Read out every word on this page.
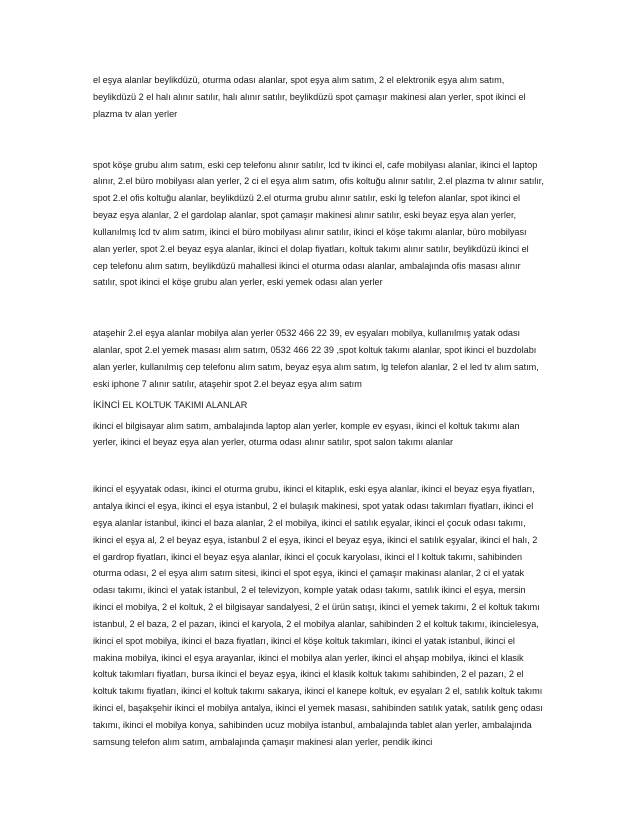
el eşya alanlar beylikdüzü, oturma odası alanlar, spot eşya alım satım, 2 el elektronik eşya alım satım, beylikdüzü 2 el halı alınır satılır, halı alınır satılır, beylikdüzü spot çamaşır makinesi alan yerler, spot ikinci el plazma tv alan yerler

spot köşe grubu alım satım, eski cep telefonu alınır satılır, lcd tv ikinci el, cafe mobilyası alanlar, ikinci el laptop alınır, 2.el büro mobilyası alan yerler, 2 ci el eşya alım satım, ofis koltuğu alınır satılır, 2.el plazma tv alınır satılır, spot 2.el ofis koltuğu alanlar, beylikdüzü 2.el oturma grubu alınır satılır, eski lg telefon alanlar, spot ikinci el beyaz eşya alanlar, 2 el gardolap alanlar, spot çamaşır makinesi alınır satılır, eski beyaz eşya alan yerler, kullanılmış lcd tv alım satım, ikinci el büro mobilyası alınır satılır, ikinci el köşe takımı alanlar, büro mobilyası alan yerler, spot 2.el beyaz eşya alanlar, ikinci el dolap fiyatları, koltuk takımı alınır satılır, beylikdüzü ikinci el cep telefonu alım satım, beylikdüzü mahallesi ikinci el oturma odası alanlar, ambalajında ofis masası alınır satılır, spot ikinci el köşe grubu alan yerler, eski yemek odası alan yerler

ataşehir 2.el eşya alanlar mobilya alan yerler 0532 466 22 39, ev eşyaları mobilya, kullanılmış yatak odası alanlar, spot 2.el yemek masası alım satım, 0532 466 22 39 ,spot koltuk takımı alanlar, spot ikinci el buzdolabı alan yerler, kullanılmış cep telefonu alım satım, beyaz eşya alım satım, lg telefon alanlar, 2 el led tv alım satım, eski iphone 7 alınır satılır, ataşehir spot 2.el beyaz eşya alım satım

İKİNCİ EL KOLTUK TAKIMI ALANLAR

ikinci el bilgisayar alım satım, ambalajında laptop alan yerler, komple ev eşyası, ikinci el koltuk takımı alan yerler, ikinci el beyaz eşya alan yerler, oturma odası alınır satılır, spot salon takımı alanlar

ikinci el eşyyatak odası, ikinci el oturma grubu, ikinci el kitaplık, eski eşya alanlar, ikinci el beyaz eşya fiyatları, antalya ikinci el eşya, ikinci el eşya istanbul, 2 el bulaşık makinesi, spot yatak odası takımları fiyatları, ikinci el eşya alanlar istanbul, ikinci el baza alanlar, 2 el mobilya, ikinci el satılık eşyalar, ikinci el çocuk odası takımı, ikinci el eşya al, 2 el beyaz eşya, istanbul 2 el eşya, ikinci el beyaz eşya, ikinci el satılık eşyalar, ikinci el halı, 2 el gardrop fiyatları, ikinci el beyaz eşya alanlar, ikinci el çocuk karyolası, ikinci el l koltuk takımı, sahibinden oturma odası, 2 el eşya alım satım sitesi, ikinci el spot eşya, ikinci el çamaşır makinası alanlar, 2 ci el yatak odası takımı, ikinci el yatak istanbul, 2 el televizyon, komple yatak odası takımı, satılık ikinci el eşya, mersin ikinci el mobilya, 2 el koltuk, 2 el bilgisayar sandalyesi, 2 el ürün satışı, ikinci el yemek takımı, 2 el koltuk takımı istanbul, 2 el baza, 2 el pazarı, ikinci el karyola, 2 el mobilya alanlar, sahibinden 2 el koltuk takımı, ikincielesya, ikinci el spot mobilya, ikinci el baza fiyatları, ikinci el köşe koltuk takımları, ikinci el yatak istanbul, ikinci el makina mobilya, ikinci el eşya arayanlar, ikinci el mobilya alan yerler, ikinci el ahşap mobilya, ikinci el klasik koltuk takımları fiyatları, bursa ikinci el beyaz eşya, ikinci el klasik koltuk takımı sahibinden, 2 el pazarı, 2 el koltuk takımı fiyatları, ikinci el koltuk takımı sakarya, ikinci el kanepe koltuk, ev eşyaları 2 el, satılık koltuk takımı ikinci el, başakşehir ikinci el mobilya antalya, ikinci el yemek masası, sahibinden satılık yatak, satılık genç odası takımı, ikinci el mobilya konya, sahibinden ucuz mobilya istanbul, ambalajında tablet alan yerler, ambalajında samsung telefon alım satım, ambalajında çamaşır makinesi alan yerler, pendik ikinci
